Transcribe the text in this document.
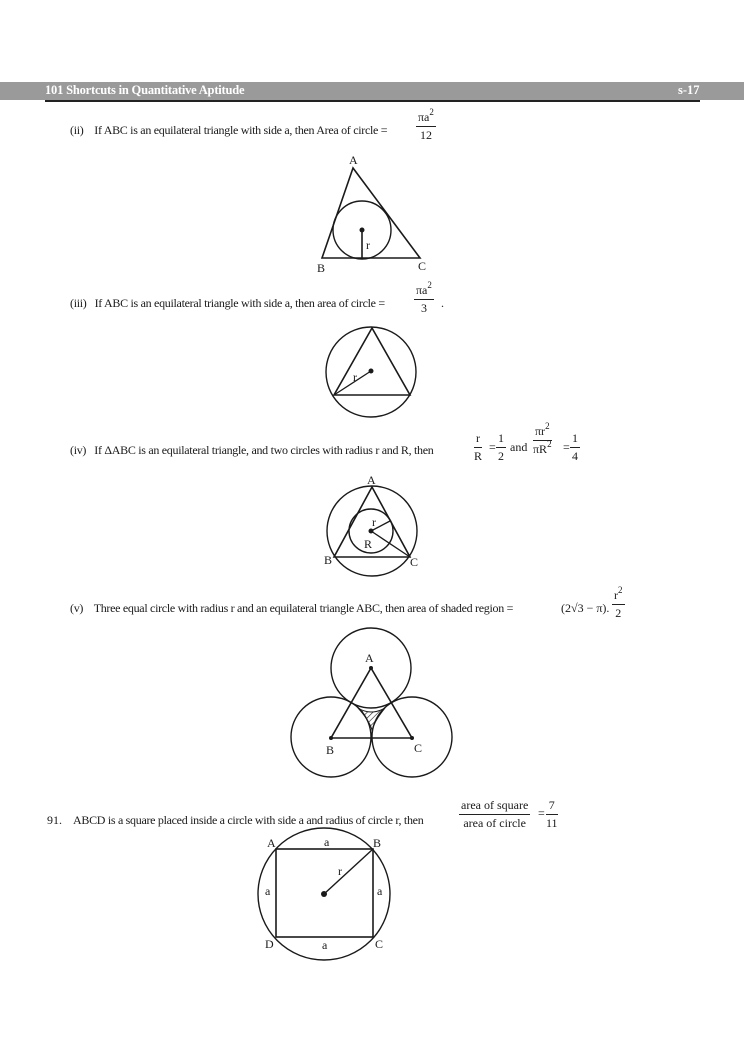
101 Shortcuts in Quantitative Aptitude	s-17
(ii) If ABC is an equilateral triangle with side a, then Area of circle = $\frac{\pi a^2}{12}$
A
B	C
r
(iii) If ABC is an equilateral triangle with side a, then area of circle = $\frac{\pi a^2}{3}$ .
r
(iv) If ΔABC is an equilateral triangle, and two circles with radius r and R, then	$\frac{r}{R} = \frac{1}{2}$ and $\frac{\pi r^2}{\pi R^2} = \frac{1}{4}$
A
B	C
r
R
(v) Three equal circle with radius r and an equilateral triangle ABC, then area of shaded region =	(2√3 − π). $\frac{r^2}{2}$
A
B	C
91. ABCD is a square placed inside a circle with side a and radius of circle r, then
area of square
area of circle
= $\frac{7}{11}$
A	B
C
D
r
a
a	a
a
